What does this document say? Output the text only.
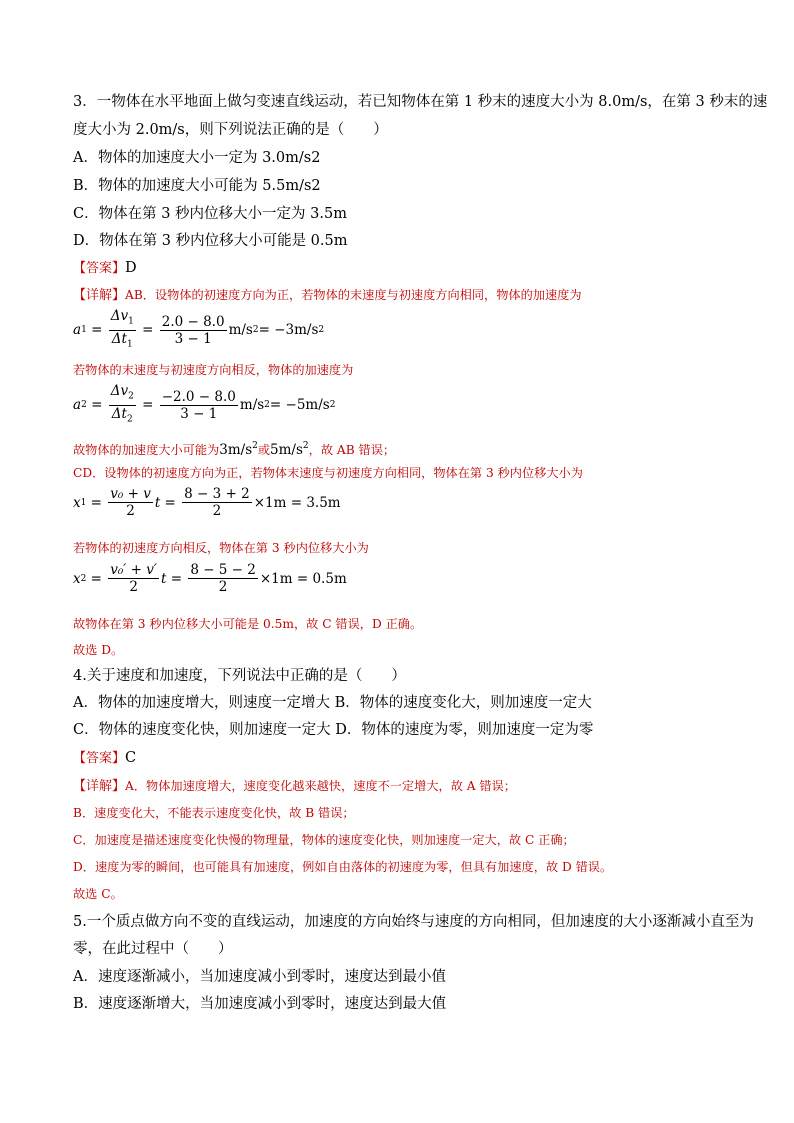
3．一物体在水平地面上做匀变速直线运动，若已知物体在第 1 秒末的速度大小为 8.0m/s，在第 3 秒末的速
度大小为 2.0m/s，则下列说法正确的是（　　）
A．物体的加速度大小一定为 3.0m/s2
B．物体的加速度大小可能为 5.5m/s2
C．物体在第 3 秒内位移大小一定为 3.5m
D．物体在第 3 秒内位移大小可能是 0.5m
【答案】D
【详解】AB．设物体的初速度方向为正，若物体的末速度与初速度方向相同，物体的加速度为
a $1 = \frac{\Delta v_1}{\Delta t_1} = \frac{2.0 - 8.0}{3 - 1} m/s$ 2 = −3m/s 2
若物体的末速度与初速度方向相反，物体的加速度为
a $2 = \frac{\Delta v_2}{\Delta t_2} = \frac{-2.0 - 8.0}{3 - 1} m/s$ 2 = −5m/s 2
故物体的加速度大小可能为$3m/s^2$或$5m/s^2$，故 AB 错误；
CD．设物体的初速度方向为正，若物体末速度与初速度方向相同，物体在第 3 秒内位移大小为
x $1 = \frac{\text{v₀ + v}}{2}$ $t = \frac{8 - 3 + 2}{2} \times 1m = 3.5m$
若物体的初速度方向相反，物体在第 3 秒内位移大小为
x $2 = \frac{\text{v₀′ + v′}}{2}$ $t = \frac{8 - 5 - 2}{2} \times 1m = 0.5m$
故物体在第 3 秒内位移大小可能是 0.5m，故 C 错误，D 正确。
故选 D。
4.关于速度和加速度，下列说法中正确的是（　　）
A．物体的加速度增大，则速度一定增大 B．物体的速度变化大，则加速度一定大
C．物体的速度变化快，则加速度一定大 D．物体的速度为零，则加速度一定为零
【答案】C
【详解】A．物体加速度增大，速度变化越来越快，速度不一定增大，故 A 错误；
B．速度变化大，不能表示速度变化快，故 B 错误；
C．加速度是描述速度变化快慢的物理量，物体的速度变化快，则加速度一定大，故 C 正确；
D．速度为零的瞬间，也可能具有加速度，例如自由落体的初速度为零，但具有加速度，故 D 错误。
故选 C。
5.一个质点做方向不变的直线运动，加速度的方向始终与速度的方向相同，但加速度的大小逐渐减小直至为
零，在此过程中（　　）
A．速度逐渐减小，当加速度减小到零时，速度达到最小值
B．速度逐渐增大，当加速度减小到零时，速度达到最大值
